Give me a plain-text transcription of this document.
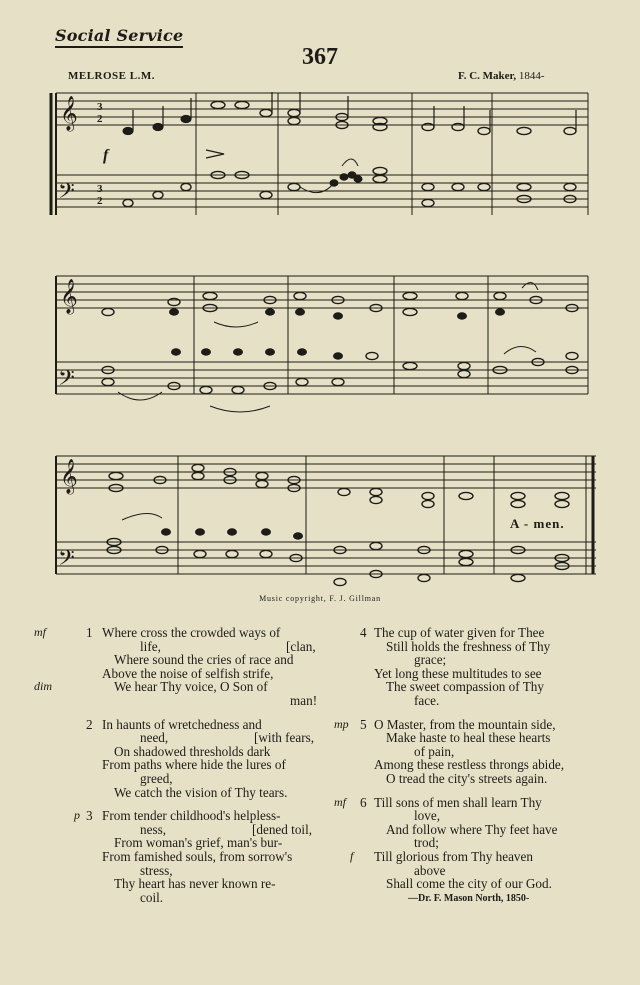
Social Service
367
MELROSE L.M.	F. C. Maker, 1844-
f
𝄞
𝄢
3
2
3
2
𝄞
𝄢
𝄞
𝄢
A - men.
Music copyright, F. J. Gillman
mf	1 Where cross the crowded ways of
life,	[clan,
Where sound the cries of race and
Above the noise of selfish strife,
dim	We hear Thy voice, O Son of
man!
2 In haunts of wretchedness and
need,	[with fears,
On shadowed thresholds dark
From paths where hide the lures of
greed,
We catch the vision of Thy tears.
p 3 From tender childhood's helpless-
ness,	[dened toil,
From woman's grief, man's bur-
From famished souls, from sorrow's
stress,
Thy heart has never known re-
coil.
4 The cup of water given for Thee
Still holds the freshness of Thy
grace;
Yet long these multitudes to see
The sweet compassion of Thy
face.
mp 5 O Master, from the mountain side,
Make haste to heal these hearts
of pain,
Among these restless throngs abide,
O tread the city's streets again.
mf 6 Till sons of men shall learn Thy
love,
And follow where Thy feet have
trod;
f Till glorious from Thy heaven
above
Shall come the city of our God.
—Dr. F. Mason North, 1850-
